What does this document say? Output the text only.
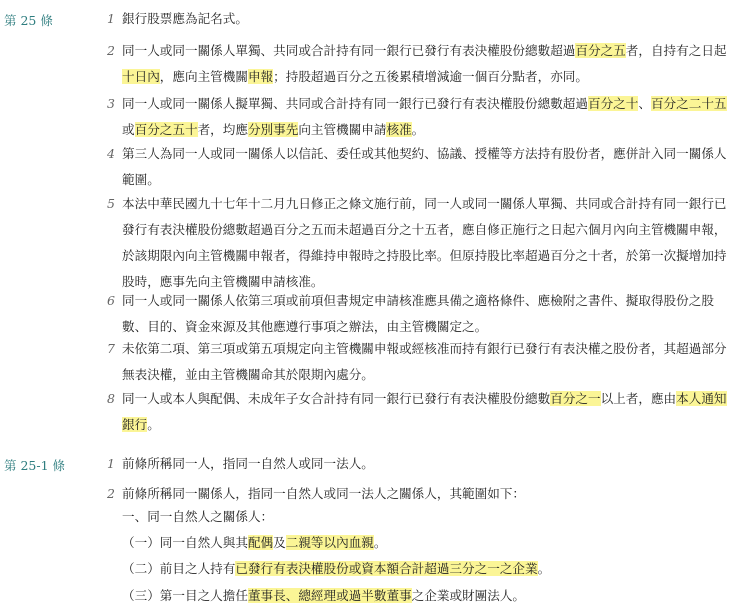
第 25 條	1 銀行股票應為記名式。
2 同一人或同一關係人單獨、共同或合計持有同一銀行已發行有表決權股份總數超過百分之五者，自持有之日起十日內，應向主管機關申報；持股超過百分之五後累積增減逾一個百分點者，亦同。
3 同一人或同一關係人擬單獨、共同或合計持有同一銀行已發行有表決權股份總數超過百分之十、百分之二十五或百分之五十者，均應分別事先向主管機關申請核准。
4 第三人為同一人或同一關係人以信託、委任或其他契約、協議、授權等方法持有股份者，應併計入同一關係人範圍。
5 本法中華民國九十七年十二月九日修正之條文施行前，同一人或同一關係人單獨、共同或合計持有同一銀行已發行有表決權股份總數超過百分之五而未超過百分之十五者，應自修正施行之日起六個月內向主管機關申報，於該期限內向主管機關申報者，得維持申報時之持股比率。但原持股比率超過百分之十者，於第一次擬增加持股時，應事先向主管機關申請核准。
6 同一人或同一關係人依第三項或前項但書規定申請核准應具備之適格條件、應檢附之書件、擬取得股份之股數、目的、資金來源及其他應遵行事項之辦法，由主管機關定之。
7 未依第二項、第三項或第五項規定向主管機關申報或經核准而持有銀行已發行有表決權之股份者，其超過部分無表決權，並由主管機關命其於限期內處分。
8 同一人或本人與配偶、未成年子女合計持有同一銀行已發行有表決權股份總數百分之一以上者，應由本人通知銀行。
第 25-1 條	1 前條所稱同一人，指同一自然人或同一法人。
2 前條所稱同一關係人，指同一自然人或同一法人之關係人，其範圍如下：
一、同一自然人之關係人：
（一）同一自然人與其配偶及二親等以內血親。
（二）前目之人持有已發行有表決權股份或資本額合計超過三分之一之企業。
（三）第一目之人擔任董事長、總經理或過半數董事之企業或財團法人。
